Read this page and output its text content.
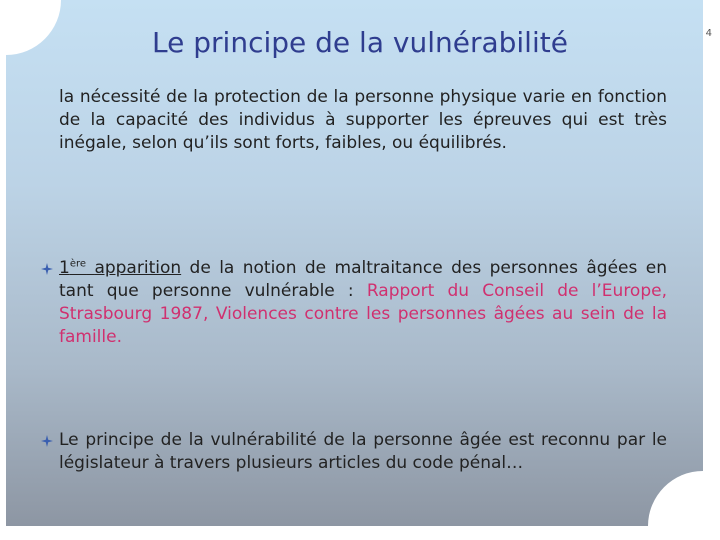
4
Le principe de la vulnérabilité
la nécessité de la protection de la personne physique varie en fonction de la capacité des individus à supporter les épreuves qui est très inégale, selon qu’ils sont forts, faibles, ou équilibrés.
1ère apparition de la notion de maltraitance des personnes âgées en tant que personne vulnérable : Rapport du Conseil de l’Europe, Strasbourg 1987, Violences contre les personnes âgées au sein de la famille.
Le principe de la vulnérabilité de la personne âgée est reconnu par le législateur à travers plusieurs articles du code pénal…
